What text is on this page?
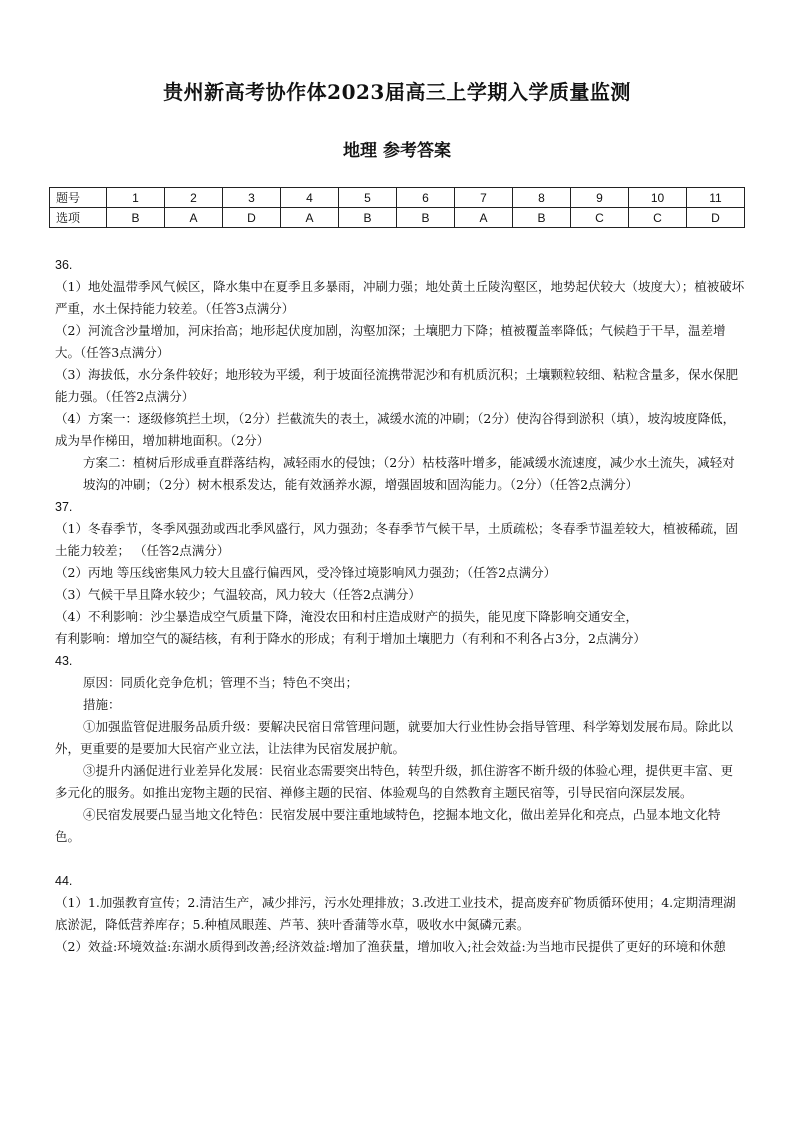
贵州新高考协作体2023届高三上学期入学质量监测
地理 参考答案
题号	1	2	3	4	5	6	7	8	9	10	11
选项	B	A	D	A	B	B	A	B	C	C	D

36.

（1）地处温带季风气候区，降水集中在夏季且多暴雨，冲刷力强；地处黄土丘陵沟壑区，地势起伏较大（坡度大）；植被破坏严重，水土保持能力较差。（任答3点满分）

（2）河流含沙量增加，河床抬高；地形起伏度加剧，沟壑加深；土壤肥力下降；植被覆盖率降低；气候趋于干旱，温差增大。（任答3点满分）

（3）海拔低，水分条件较好；地形较为平缓，利于坡面径流携带泥沙和有机质沉积；土壤颗粒较细、粘粒含量多，保水保肥能力强。（任答2点满分）

（4）方案一：逐级修筑拦土坝，（2分）拦截流失的表土，减缓水流的冲刷；（2分）使沟谷得到淤积（填），坡沟坡度降低，成为旱作梯田，增加耕地面积。（2分）

方案二：植树后形成垂直群落结构，减轻雨水的侵蚀；（2分）枯枝落叶增多，能减缓水流速度，减少水土流失，减轻对坡沟的冲刷；（2分）树木根系发达，能有效涵养水源，增强固坡和固沟能力。（2分）（任答2点满分）

37.

（1）冬春季节，冬季风强劲或西北季风盛行，风力强劲；冬春季节气候干旱，土质疏松；冬春季节温差较大，植被稀疏，固土能力较差； （任答2点满分）

（2）丙地 等压线密集风力较大且盛行偏西风，受冷锋过境影响风力强劲；（任答2点满分）

（3）气候干旱且降水较少；气温较高，风力较大（任答2点满分）

（4）不利影响：沙尘暴造成空气质量下降，淹没农田和村庄造成财产的损失，能见度下降影响交通安全，

有利影响：增加空气的凝结核，有利于降水的形成；有利于增加土壤肥力（有利和不利各占3分，2点满分）

43.

原因：同质化竞争危机；管理不当；特色不突出；

措施：

①加强监管促进服务品质升级：要解决民宿日常管理问题，就要加大行业性协会指导管理、科学筹划发展布局。除此以外，更重要的是要加大民宿产业立法，让法律为民宿发展护航。

③提升内涵促进行业差异化发展：民宿业态需要突出特色，转型升级，抓住游客不断升级的体验心理，提供更丰富、更多元化的服务。如推出宠物主题的民宿、禅修主题的民宿、体验观鸟的自然教育主题民宿等，引导民宿向深层发展。

④民宿发展要凸显当地文化特色：民宿发展中要注重地域特色，挖掘本地文化，做出差异化和亮点，凸显本地文化特色。

44.

（1）1.加强教育宣传；2.清洁生产，减少排污，污水处理排放；3.改进工业技术，提高废弃矿物质循环使用；4.定期清理湖底淤泥，降低营养库存；5.种植凤眼莲、芦苇、狭叶香蒲等水草，吸收水中氮磷元素。

（2）效益:环境效益:东湖水质得到改善;经济效益:增加了渔获量，增加收入;社会效益:为当地市民提供了更好的环境和休憩
